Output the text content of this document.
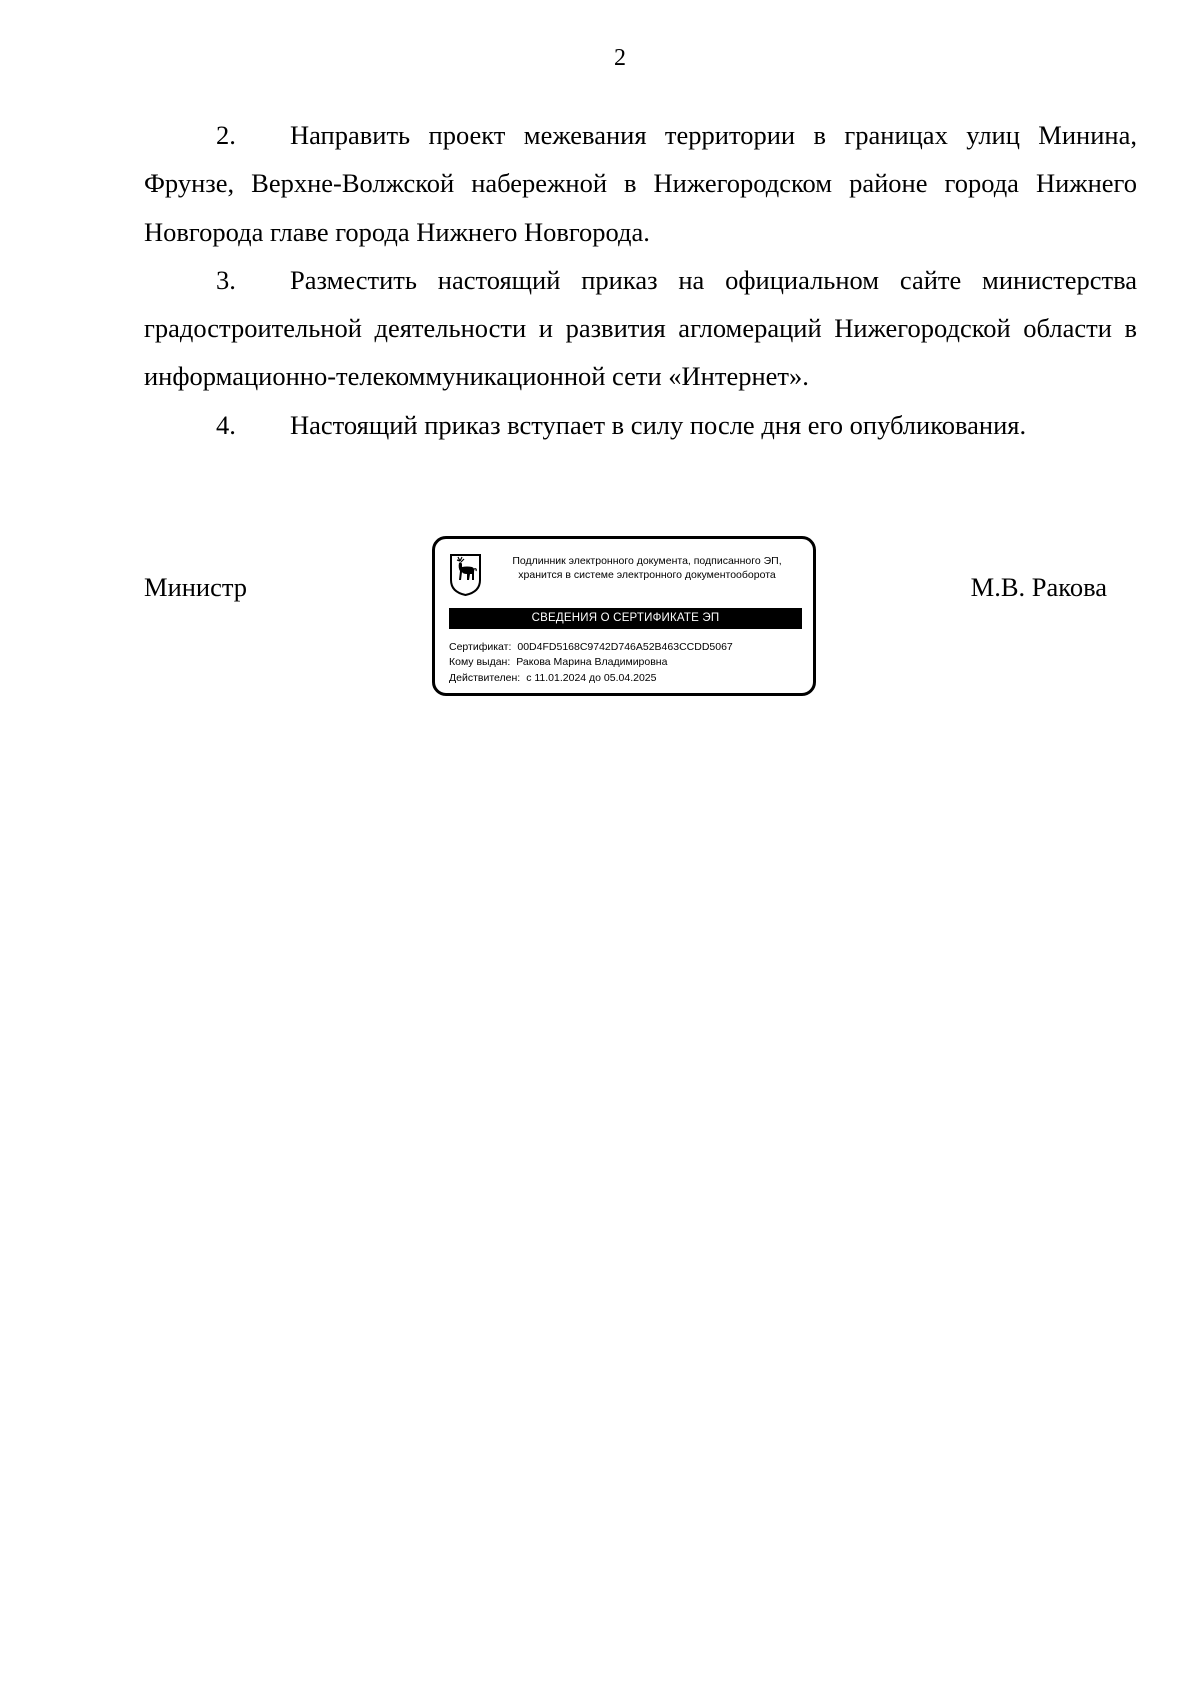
2

2. Направить проект межевания территории в границах улиц Минина, Фрунзе, Верхне-Волжской набережной в Нижегородском районе города Нижнего Новгорода главе города Нижнего Новгорода.

3. Разместить настоящий приказ на официальном сайте министерства градостроительной деятельности и развития агломераций Нижегородской области в информационно-телекоммуникационной сети «Интернет».

4. Настоящий приказ вступает в силу после дня его опубликования.

Министр
Подлинник электронного документа, подписанного ЭП,
хранится в системе электронного документооборота
СВЕДЕНИЯ О СЕРТИФИКАТЕ ЭП
Сертификат: 00D4FD5168C9742D746A52B463CCDD5067
Кому выдан: Ракова Марина Владимировна
Действителен: с 11.01.2024 до 05.04.2025
М.В. Ракова
